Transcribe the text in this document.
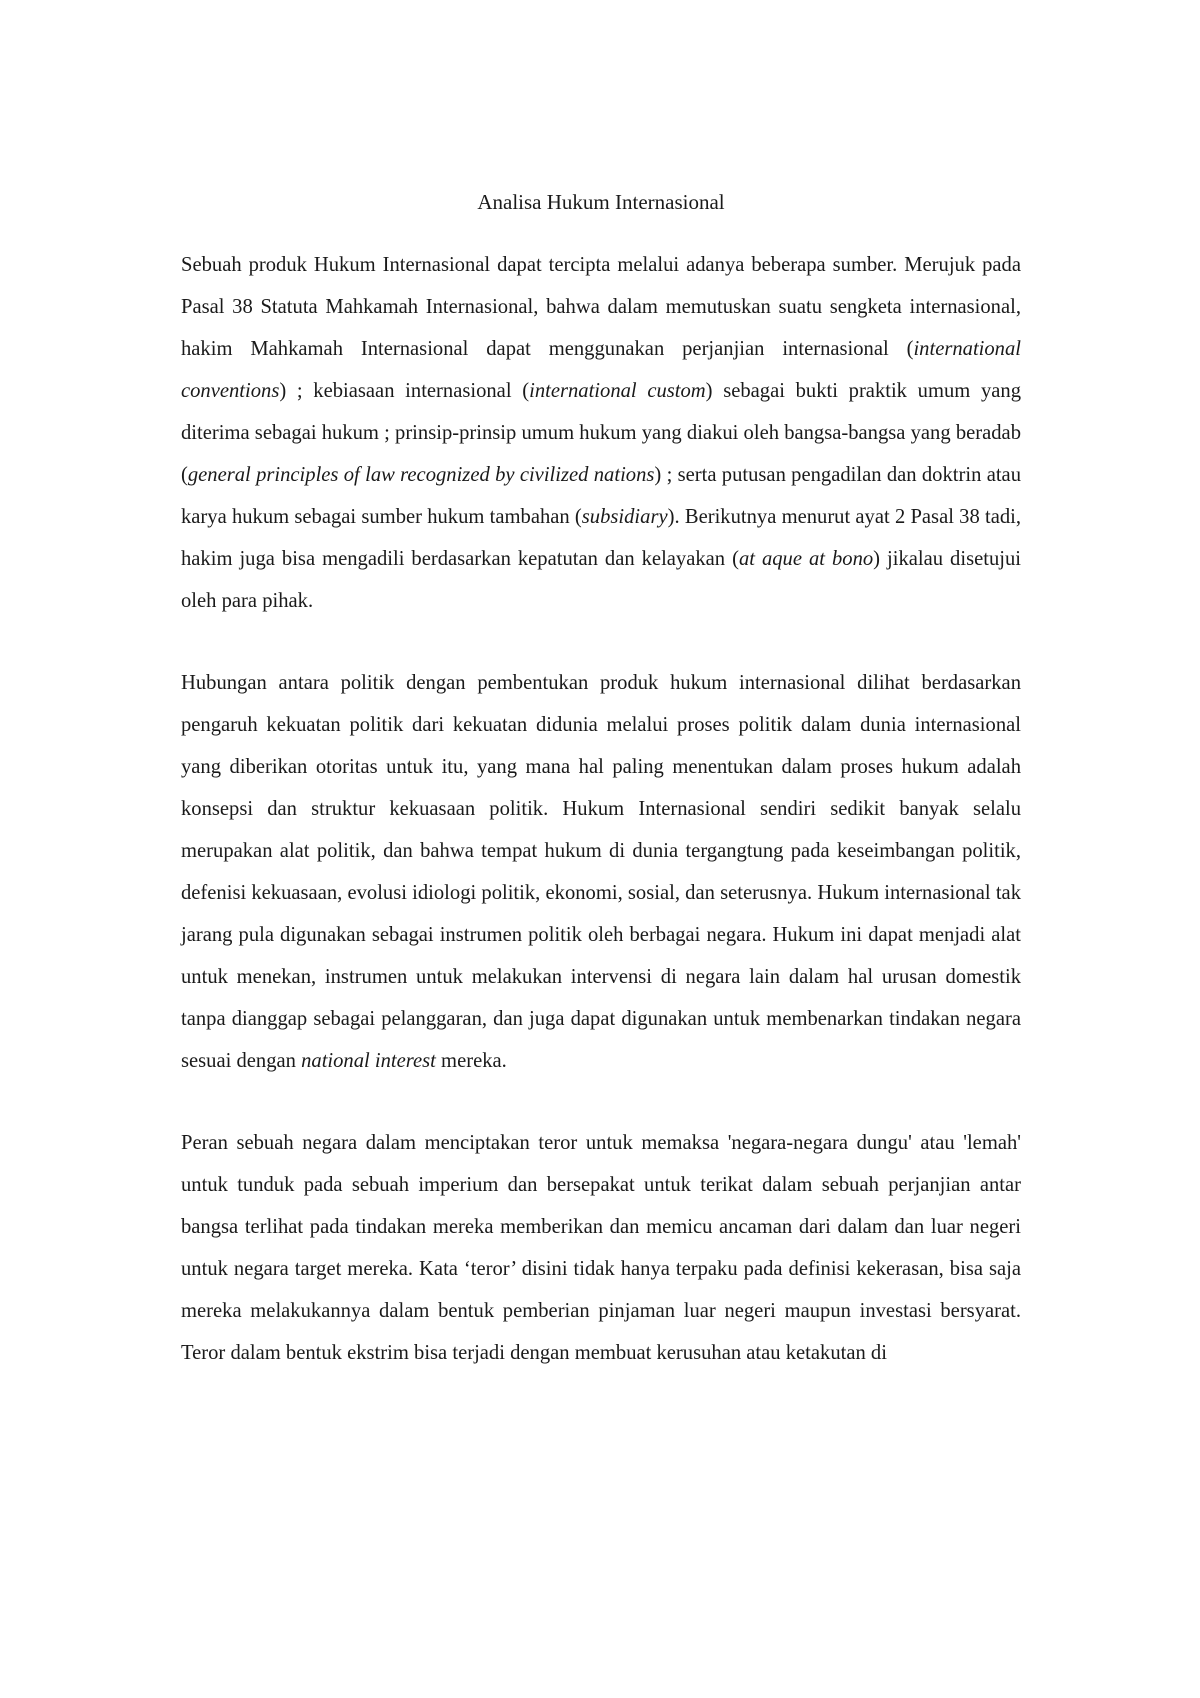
Analisa Hukum Internasional

Sebuah produk Hukum Internasional dapat tercipta melalui adanya beberapa sumber. Merujuk pada Pasal 38 Statuta Mahkamah Internasional, bahwa dalam memutuskan suatu sengketa internasional, hakim Mahkamah Internasional dapat menggunakan perjanjian internasional (international conventions) ; kebiasaan internasional (international custom) sebagai bukti praktik umum yang diterima sebagai hukum ; prinsip-prinsip umum hukum yang diakui oleh bangsa-bangsa yang beradab (general principles of law recognized by civilized nations) ; serta putusan pengadilan dan doktrin atau karya hukum sebagai sumber hukum tambahan (subsidiary). Berikutnya menurut ayat 2 Pasal 38 tadi, hakim juga bisa mengadili berdasarkan kepatutan dan kelayakan (at aque at bono) jikalau disetujui oleh para pihak.

Hubungan antara politik dengan pembentukan produk hukum internasional dilihat berdasarkan pengaruh kekuatan politik dari kekuatan didunia melalui proses politik dalam dunia internasional yang diberikan otoritas untuk itu, yang mana hal paling menentukan dalam proses hukum adalah konsepsi dan struktur kekuasaan politik. Hukum Internasional sendiri sedikit banyak selalu merupakan alat politik, dan bahwa tempat hukum di dunia tergangtung pada keseimbangan politik, defenisi kekuasaan, evolusi idiologi politik, ekonomi, sosial, dan seterusnya. Hukum internasional tak jarang pula digunakan sebagai instrumen politik oleh berbagai negara. Hukum ini dapat menjadi alat untuk menekan, instrumen untuk melakukan intervensi di negara lain dalam hal urusan domestik tanpa dianggap sebagai pelanggaran, dan juga dapat digunakan untuk membenarkan tindakan negara sesuai dengan national interest mereka.

Peran sebuah negara dalam menciptakan teror untuk memaksa 'negara-negara dungu' atau 'lemah' untuk tunduk pada sebuah imperium dan bersepakat untuk terikat dalam sebuah perjanjian antar bangsa terlihat pada tindakan mereka memberikan dan memicu ancaman dari dalam dan luar negeri untuk negara target mereka. Kata ‘teror’ disini tidak hanya terpaku pada definisi kekerasan, bisa saja mereka melakukannya dalam bentuk pemberian pinjaman luar negeri maupun investasi bersyarat. Teror dalam bentuk ekstrim bisa terjadi dengan membuat kerusuhan atau ketakutan di
